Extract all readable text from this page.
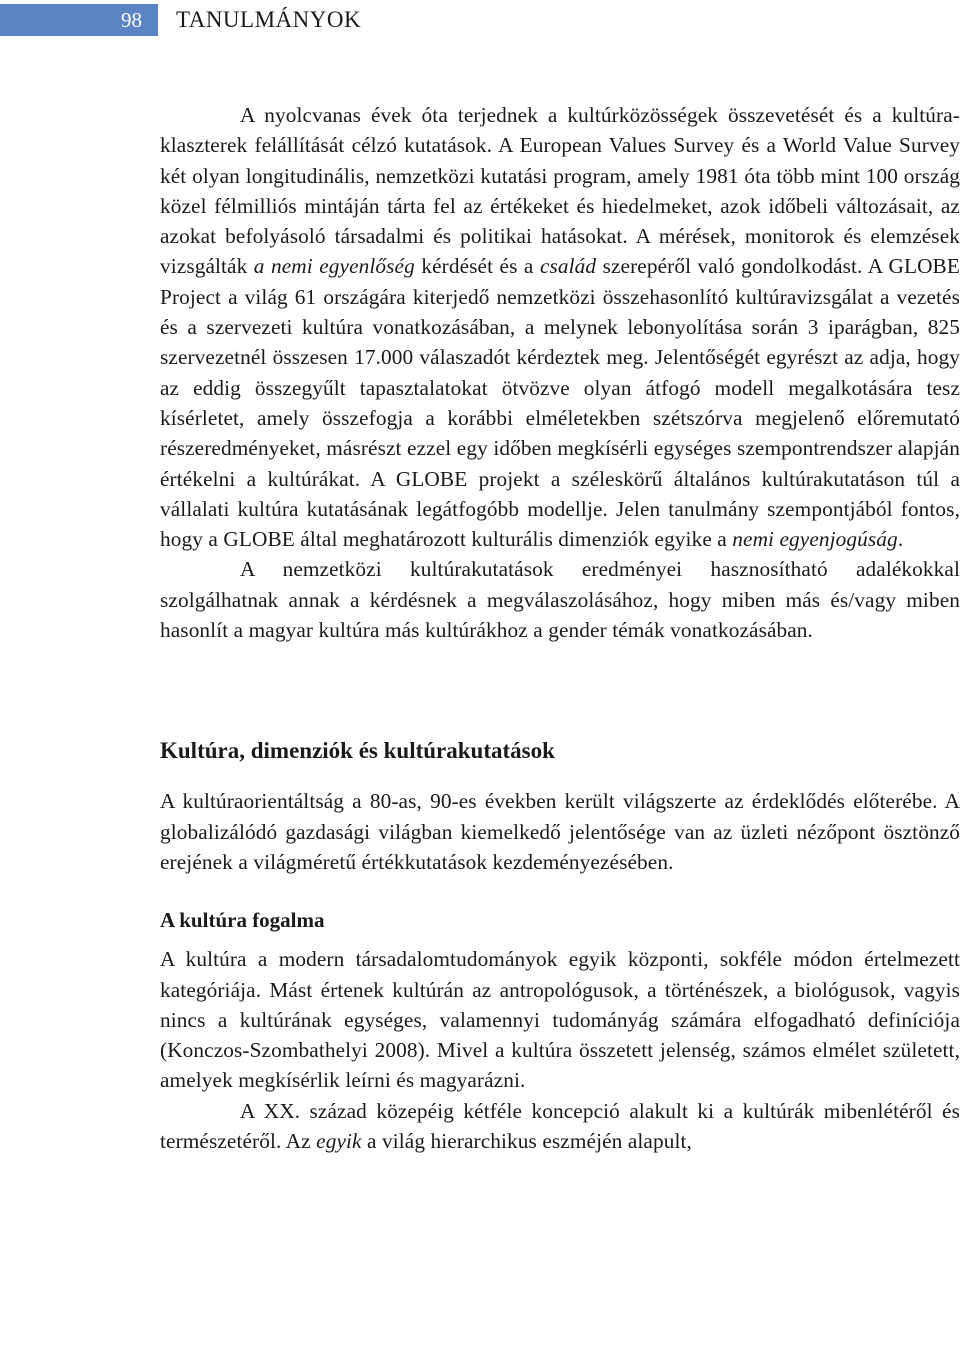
98	TANULMÁNYOK

A nyolcvanas évek óta terjednek a kultúrközösségek összevetését és a kultúra-klaszterek felállítását célzó kutatások. A European Values Survey és a World Value Survey két olyan longitudinális, nemzetközi kutatási program, amely 1981 óta több mint 100 ország közel félmilliós mintáján tárta fel az értékeket és hiedelmeket, azok időbeli változásait, az azokat befolyásoló társadalmi és politikai hatásokat. A mérések, monitorok és elemzések vizsgálták a nemi egyenlőség kérdését és a család szerepéről való gondolkodást. A GLOBE Project a világ 61 országára kiterjedő nemzetközi összehasonlító kultúravizsgálat a vezetés és a szervezeti kultúra vonatkozásában, a melynek lebonyolítása során 3 iparágban, 825 szervezetnél összesen 17.000 válaszadót kérdeztek meg. Jelentőségét egyrészt az adja, hogy az eddig összegyűlt tapasztalatokat ötvözve olyan átfogó modell megalkotására tesz kísérletet, amely összefogja a korábbi elméletekben szétszórva megjelenő előremutató részeredményeket, másrészt ezzel egy időben megkísérli egységes szempontrendszer alapján értékelni a kultúrákat. A GLOBE projekt a széleskörű általános kultúrakutatáson túl a vállalati kultúra kutatásának legátfogóbb modellje. Jelen tanulmány szempontjából fontos, hogy a GLOBE által meghatározott kulturális dimenziók egyike a nemi egyenjogúság.

A nemzetközi kultúrakutatások eredményei hasznosítható adalékokkal szolgálhatnak annak a kérdésnek a megválaszolásához, hogy miben más és/vagy miben hasonlít a magyar kultúra más kultúrákhoz a gender témák vonatkozásában.

Kultúra, dimenziók és kultúrakutatások

A kultúraorientáltság a 80-as, 90-es években került világszerte az érdeklődés előterébe. A globalizálódó gazdasági világban kiemelkedő jelentősége van az üzleti nézőpont ösztönző erejének a világméretű értékkutatások kezdeményezésében.

A kultúra fogalma

A kultúra a modern társadalomtudományok egyik központi, sokféle módon értelmezett kategóriája. Mást értenek kultúrán az antropológusok, a történészek, a biológusok, vagyis nincs a kultúrának egységes, valamennyi tudományág számára elfogadható definíciója (Konczos-Szombathelyi 2008). Mivel a kultúra összetett jelenség, számos elmélet született, amelyek megkísérlik leírni és magyarázni.

A XX. század közepéig kétféle koncepció alakult ki a kultúrák mibenlétéről és természetéről. Az egyik a világ hierarchikus eszméjén alapult,
